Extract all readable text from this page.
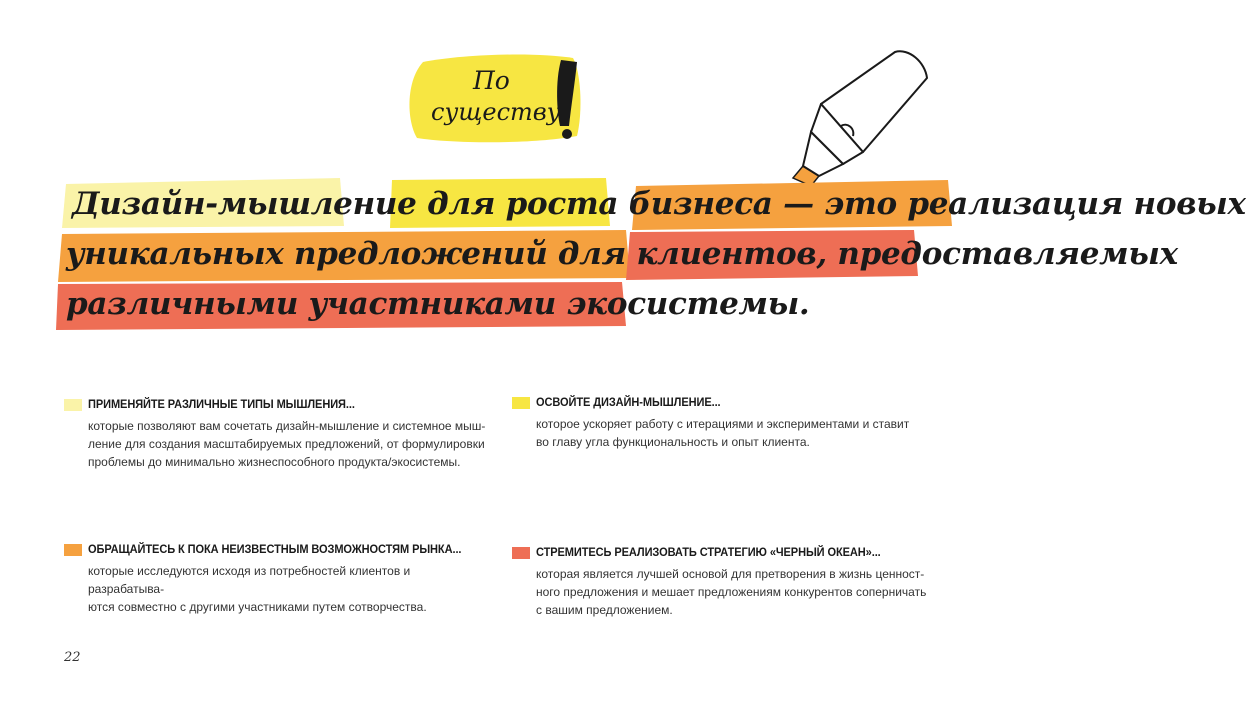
По
существу
Дизайн-мышление для роста бизнеса — это реализация новых
уникальных предложений для клиентов, предоставляемых
различными участниками экосистемы.
ПРИМЕНЯЙТЕ РАЗЛИЧНЫЕ ТИПЫ МЫШЛЕНИЯ...
которые позволяют вам сочетать дизайн-мышление и системное мыш-
ление для создания масштабируемых предложений, от формулировки
проблемы до минимально жизнеспособного продукта/экосистемы.
ОСВОЙТЕ ДИЗАЙН-МЫШЛЕНИЕ...
которое ускоряет работу с итерациями и экспериментами и ставит
во главу угла функциональность и опыт клиента.
ОБРАЩАЙТЕСЬ К ПОКА НЕИЗВЕСТНЫМ ВОЗМОЖНОСТЯМ РЫНКА...
которые исследуются исходя из потребностей клиентов и разрабатыва-
ются совместно с другими участниками путем сотворчества.
СТРЕМИТЕСЬ РЕАЛИЗОВАТЬ СТРАТЕГИЮ «ЧЕРНЫЙ ОКЕАН»...
которая является лучшей основой для претворения в жизнь ценност-
ного предложения и мешает предложениям конкурентов соперничать
с вашим предложением.
22
